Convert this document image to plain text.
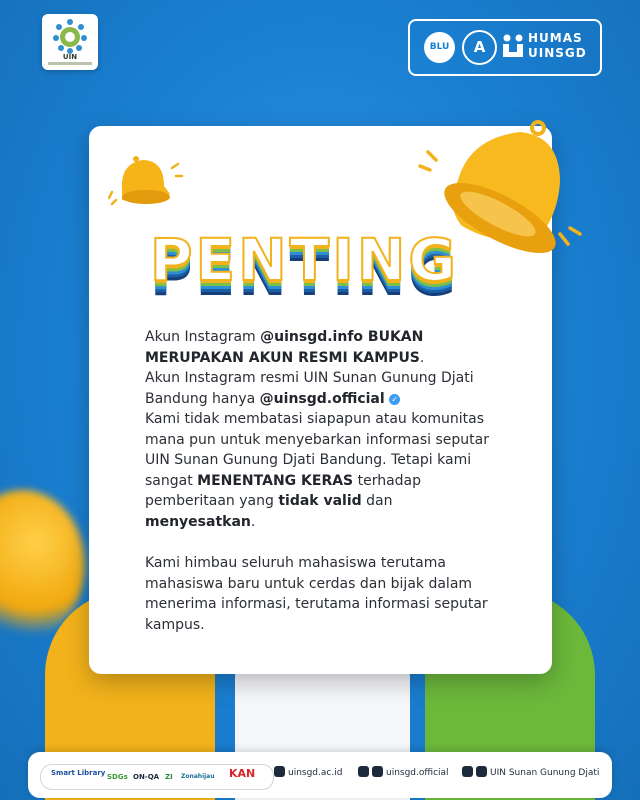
UIN
BLU	A	HUMAS
UINSGD
PENTING

Akun Instagram @uinsgd.info BUKAN MERUPAKAN AKUN RESMI KAMPUS.

Akun Instagram resmi UIN Sunan Gunung Djati Bandung hanya @uinsgd.official ✓

Kami tidak membatasi siapapun atau komunitas mana pun untuk menyebarkan informasi seputar UIN Sunan Gunung Djati Bandung. Tetapi kami sangat MENENTANG KERAS terhadap pemberitaan yang tidak valid dan menyesatkan.

Kami himbau seluruh mahasiswa terutama mahasiswa baru untuk cerdas dan bijak dalam menerima informasi, terutama informasi seputar kampus.

Smart Library SDGs ON-QA ZI Zonahijau KAN	uinsgd.ac.id	uinsgd.official	UIN Sunan Gunung Djati
